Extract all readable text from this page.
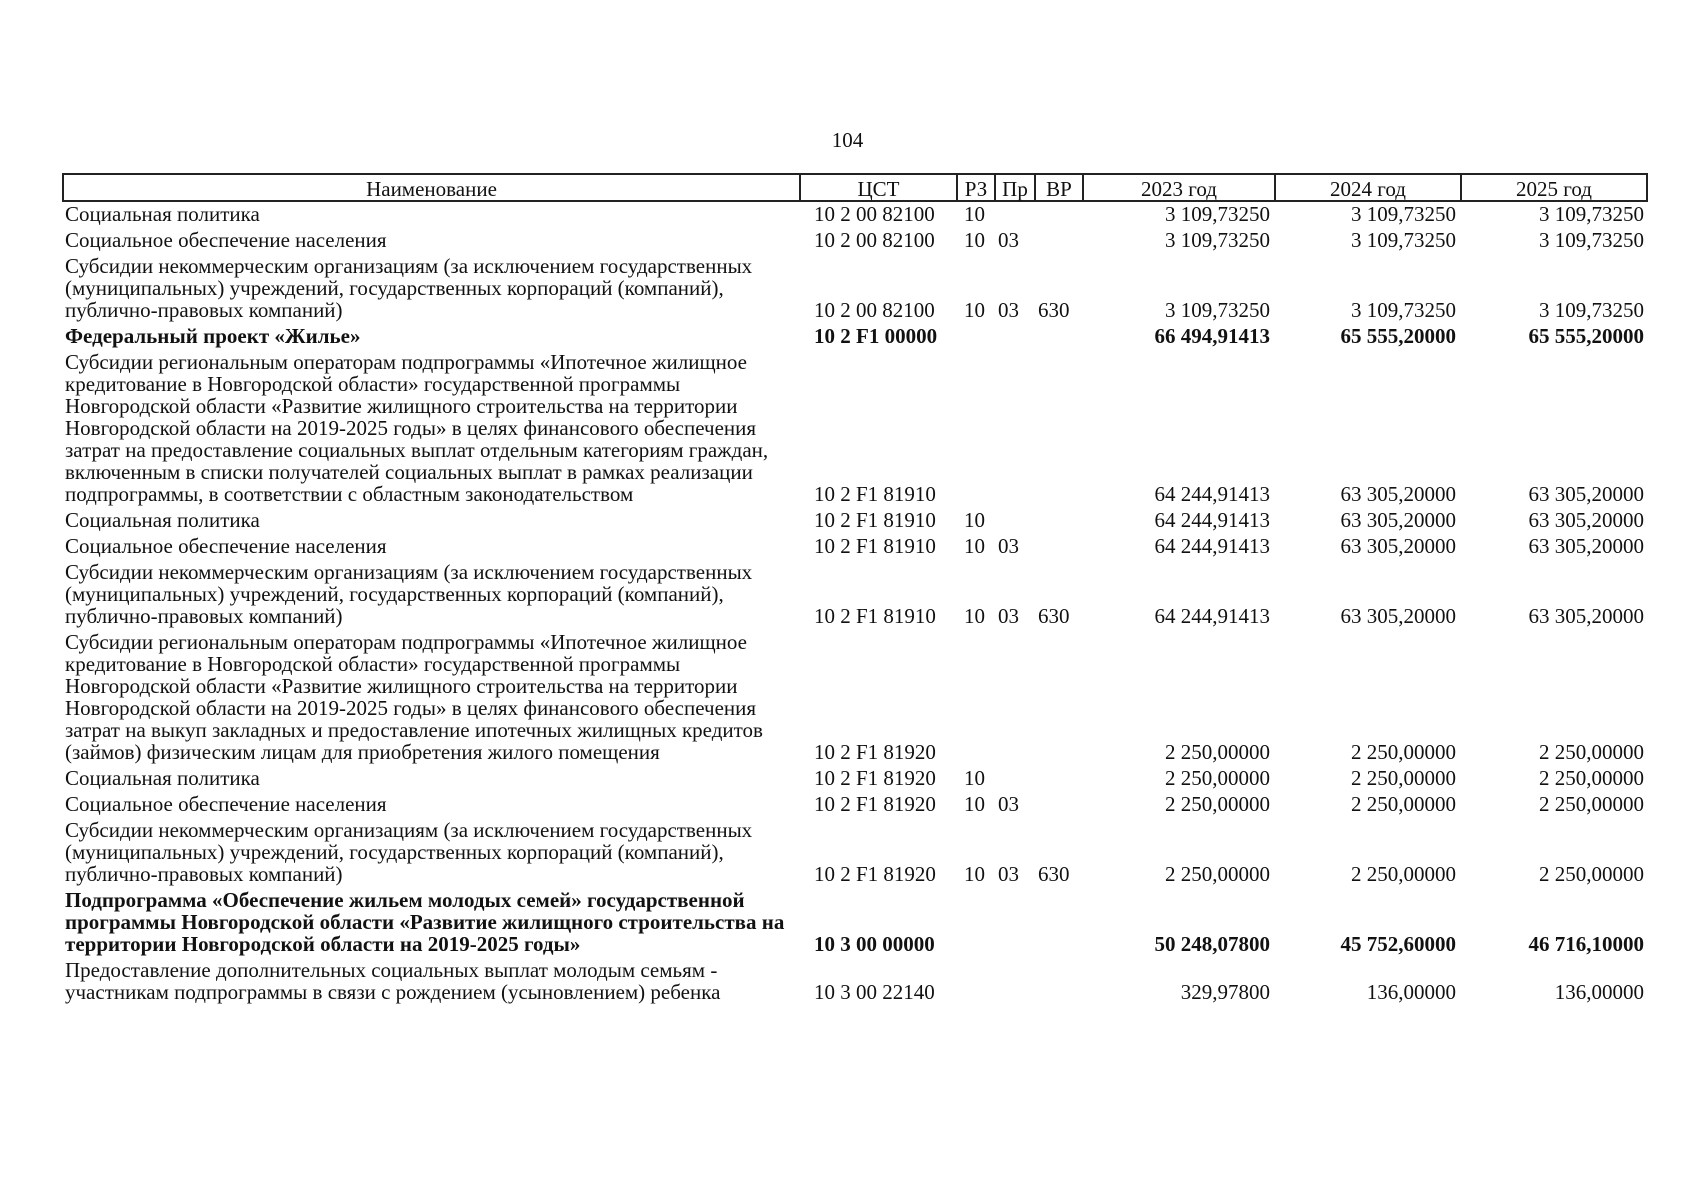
104
Наименование	ЦСТ	РЗ Пр ВР	2023 год	2024 год	2025 год
Социальная политика	10 2 00 82100	10	3 109,73250	3 109,73250	3 109,73250
Социальное обеспечение населения	10 2 00 82100	10 03	3 109,73250	3 109,73250	3 109,73250
Субсидии некоммерческим организациям (за исключением государственных (муниципальных) учреждений, государственных корпораций (компаний), публично-правовых компаний)	10 2 00 82100	10 03 630	3 109,73250	3 109,73250	3 109,73250
Федеральный проект «Жилье»	10 2 F1 00000	66 494,91413	65 555,20000	65 555,20000
Субсидии региональным операторам подпрограммы «Ипотечное жилищное кредитование в Новгородской области» государственной программы Новгородской области «Развитие жилищного строительства на территории Новгородской области на 2019-2025 годы» в целях финансового обеспечения затрат на предоставление социальных выплат отдельным категориям граждан, включенным в списки получателей социальных выплат в рамках реализации подпрограммы, в соответствии с областным законодательством	10 2 F1 81910	64 244,91413	63 305,20000	63 305,20000
Социальная политика	10 2 F1 81910	10	64 244,91413	63 305,20000	63 305,20000
Социальное обеспечение населения	10 2 F1 81910	10 03	64 244,91413	63 305,20000	63 305,20000
Субсидии некоммерческим организациям (за исключением государственных (муниципальных) учреждений, государственных корпораций (компаний), публично-правовых компаний)	10 2 F1 81910	10 03 630	64 244,91413	63 305,20000	63 305,20000
Субсидии региональным операторам подпрограммы «Ипотечное жилищное кредитование в Новгородской области» государственной программы Новгородской области «Развитие жилищного строительства на территории Новгородской области на 2019-2025 годы» в целях финансового обеспечения затрат на выкуп закладных и предоставление ипотечных жилищных кредитов (займов) физическим лицам для приобретения жилого помещения	10 2 F1 81920	2 250,00000	2 250,00000	2 250,00000
Социальная политика	10 2 F1 81920	10	2 250,00000	2 250,00000	2 250,00000
Социальное обеспечение населения	10 2 F1 81920	10 03	2 250,00000	2 250,00000	2 250,00000
Субсидии некоммерческим организациям (за исключением государственных (муниципальных) учреждений, государственных корпораций (компаний), публично-правовых компаний)	10 2 F1 81920	10 03 630	2 250,00000	2 250,00000	2 250,00000
Подпрограмма «Обеспечение жильем молодых семей» государственной программы Новгородской области «Развитие жилищного строительства на территории Новгородской области на 2019-2025 годы»	10 3 00 00000	50 248,07800	45 752,60000	46 716,10000
Предоставление дополнительных социальных выплат молодым семьям - участникам подпрограммы в связи с рождением (усыновлением) ребенка	10 3 00 22140	329,97800	136,00000	136,00000
